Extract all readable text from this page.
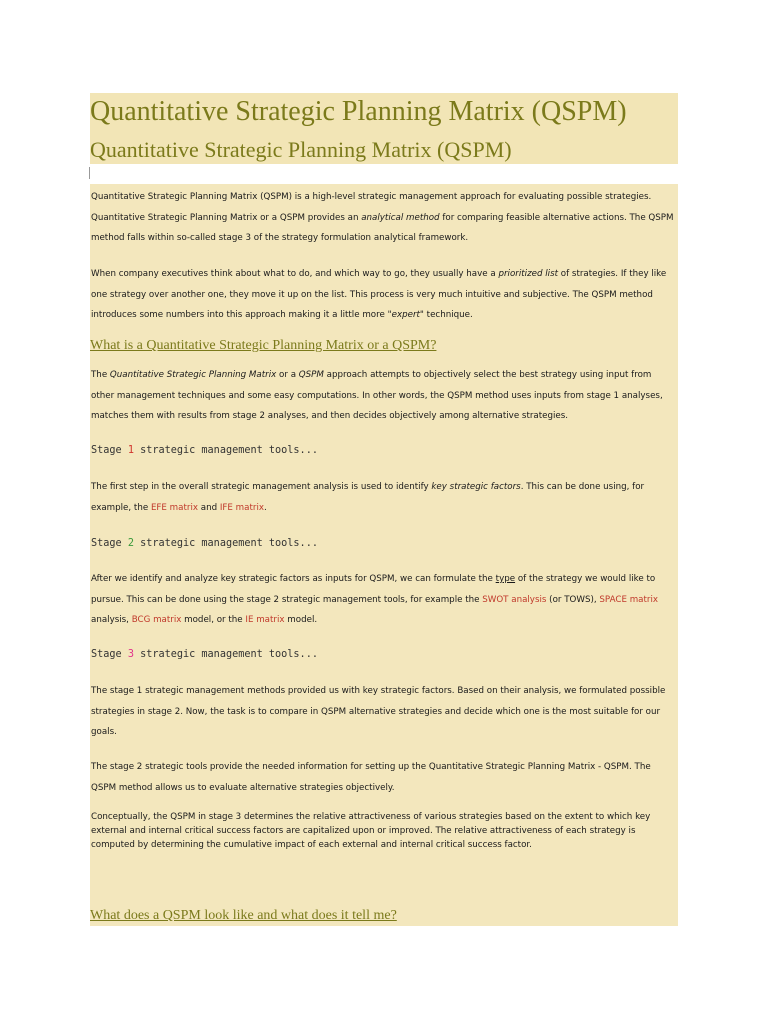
Quantitative Strategic Planning Matrix (QSPM)
Quantitative Strategic Planning Matrix (QSPM)
Quantitative Strategic Planning Matrix (QSPM) is a high-level strategic management approach for evaluating possible strategies. Quantitative Strategic Planning Matrix or a QSPM provides an analytical method for comparing feasible alternative actions. The QSPM method falls within so-called stage 3 of the strategy formulation analytical framework.
When company executives think about what to do, and which way to go, they usually have a prioritized list of strategies. If they like one strategy over another one, they move it up on the list. This process is very much intuitive and subjective. The QSPM method introduces some numbers into this approach making it a little more "expert" technique.
What is a Quantitative Strategic Planning Matrix or a QSPM?
The Quantitative Strategic Planning Matrix or a QSPM approach attempts to objectively select the best strategy using input from other management techniques and some easy computations. In other words, the QSPM method uses inputs from stage 1 analyses, matches them with results from stage 2 analyses, and then decides objectively among alternative strategies.
Stage 1 strategic management tools...
The first step in the overall strategic management analysis is used to identify key strategic factors. This can be done using, for example, the EFE matrix and IFE matrix.
Stage 2 strategic management tools...
After we identify and analyze key strategic factors as inputs for QSPM, we can formulate the type of the strategy we would like to pursue. This can be done using the stage 2 strategic management tools, for example the SWOT analysis (or TOWS), SPACE matrix analysis, BCG matrix model, or the IE matrix model.
Stage 3 strategic management tools...
The stage 1 strategic management methods provided us with key strategic factors. Based on their analysis, we formulated possible strategies in stage 2. Now, the task is to compare in QSPM alternative strategies and decide which one is the most suitable for our goals.
The stage 2 strategic tools provide the needed information for setting up the Quantitative Strategic Planning Matrix - QSPM. The QSPM method allows us to evaluate alternative strategies objectively.
Conceptually, the QSPM in stage 3 determines the relative attractiveness of various strategies based on the extent to which key external and internal critical success factors are capitalized upon or improved. The relative attractiveness of each strategy is computed by determining the cumulative impact of each external and internal critical success factor.
What does a QSPM look like and what does it tell me?
